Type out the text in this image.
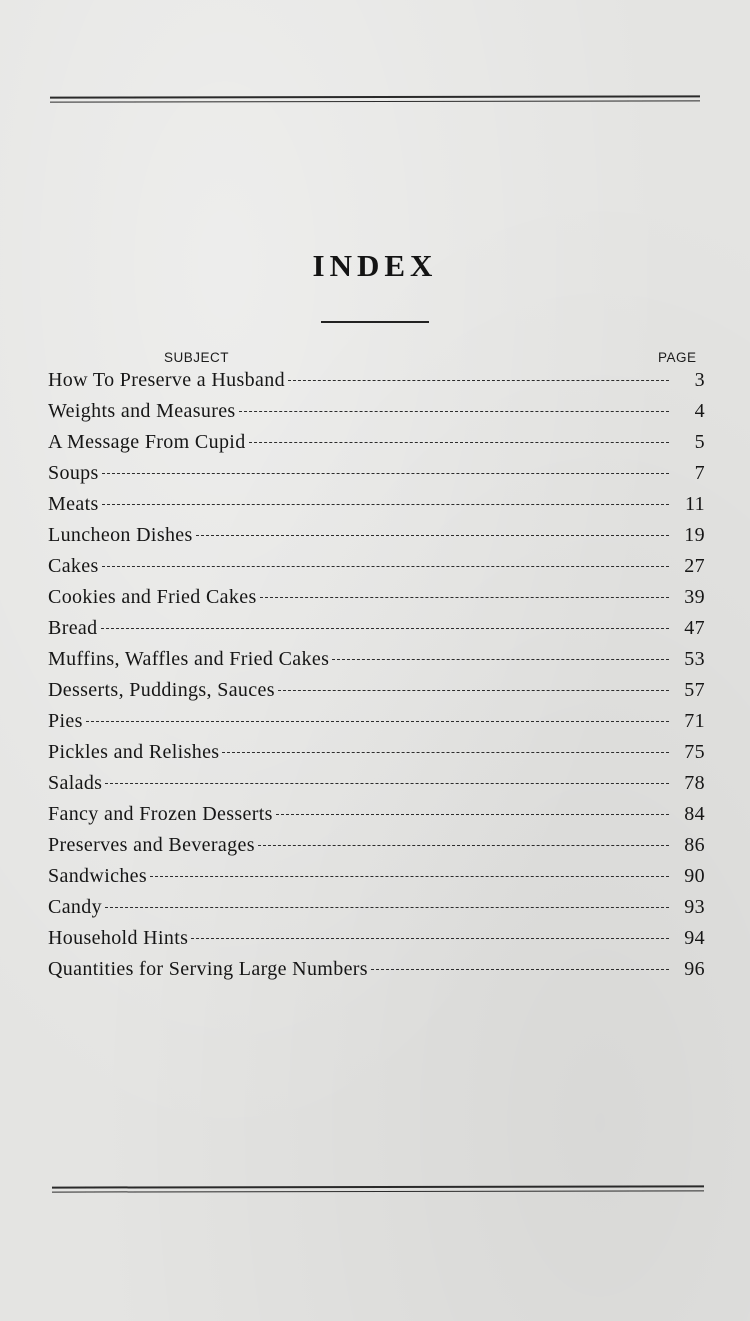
INDEX
SUBJECT	PAGE
How To Preserve a Husband	3
Weights and Measures	4
A Message From Cupid	5
Soups	7
Meats	11
Luncheon Dishes	19
Cakes	27
Cookies and Fried Cakes	39
Bread	47
Muffins, Waffles and Fried Cakes	53
Desserts, Puddings, Sauces	57
Pies	71
Pickles and Relishes	75
Salads	78
Fancy and Frozen Desserts	84
Preserves and Beverages	86
Sandwiches	90
Candy	93
Household Hints	94
Quantities for Serving Large Numbers	96
